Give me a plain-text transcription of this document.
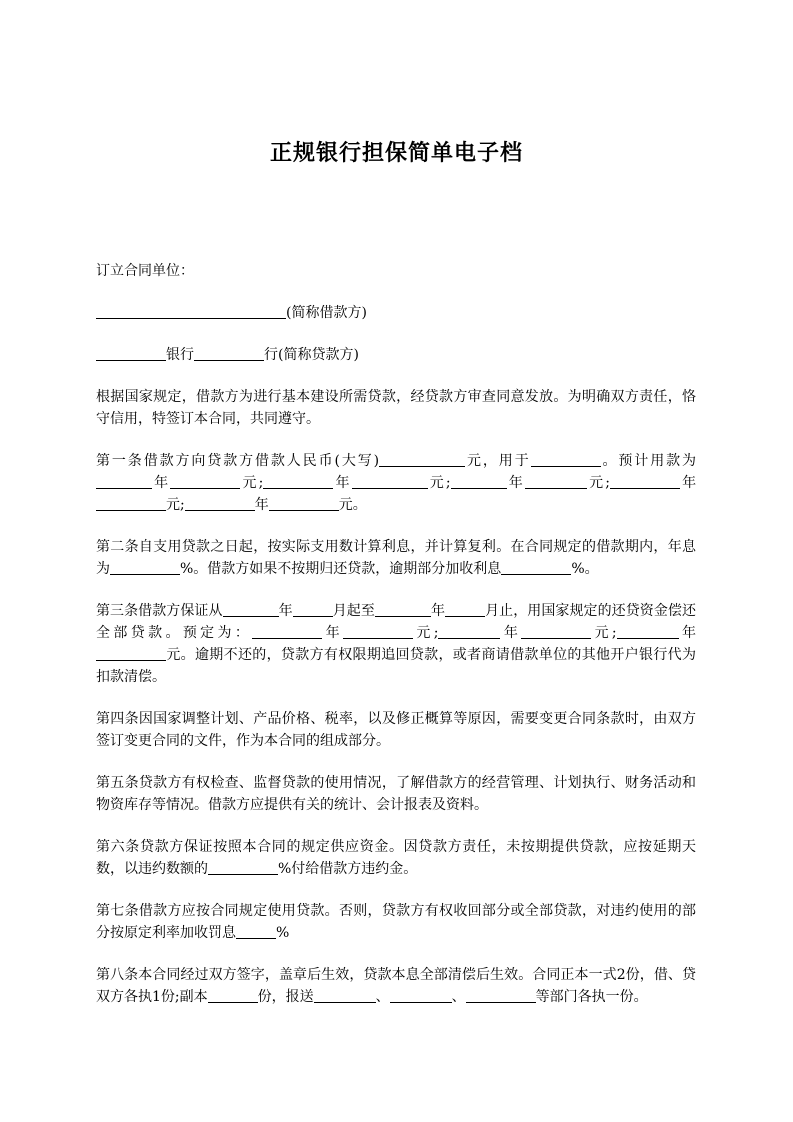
正规银行担保简单电子档

订立合同单位：

(简称借款方)

银行	行(简称贷款方)

根据国家规定，借款方为进行基本建设所需贷款，经贷款方审查同意发放。为明确双方责任，恪守信用，特签订本合同，共同遵守。

第一条借款方向贷款方借款人民币(大写)	元，用于	。预计用款为年	元;	年	元;	年	元;	年元;	年	元。

第二条自支用贷款之日起，按实际支用数计算利息，并计算复利。在合同规定的借款期内，年息为	%。借款方如果不按期归还贷款，逾期部分加收利息	%。

第三条借款方保证从	年	月起至	年	月止，用国家规定的还贷资金偿还全部贷款。预定为：	年	元;	年	元;	年元。逾期不还的，贷款方有权限期追回贷款，或者商请借款单位的其他开户银行代为扣款清偿。

第四条因国家调整计划、产品价格、税率，以及修正概算等原因，需要变更合同条款时，由双方签订变更合同的文件，作为本合同的组成部分。

第五条贷款方有权检查、监督贷款的使用情况，了解借款方的经营管理、计划执行、财务活动和物资库存等情况。借款方应提供有关的统计、会计报表及资料。

第六条贷款方保证按照本合同的规定供应资金。因贷款方责任，未按期提供贷款，应按延期天数，以违约数额的	%付给借款方违约金。

第七条借款方应按合同规定使用贷款。否则，贷款方有权收回部分或全部贷款，对违约使用的部分按原定利率加收罚息	%

第八条本合同经过双方签字，盖章后生效，贷款本息全部清偿后生效。合同正本一式2份，借、贷双方各执1份;副本	份，报送	、	、	等部门各执一份。
